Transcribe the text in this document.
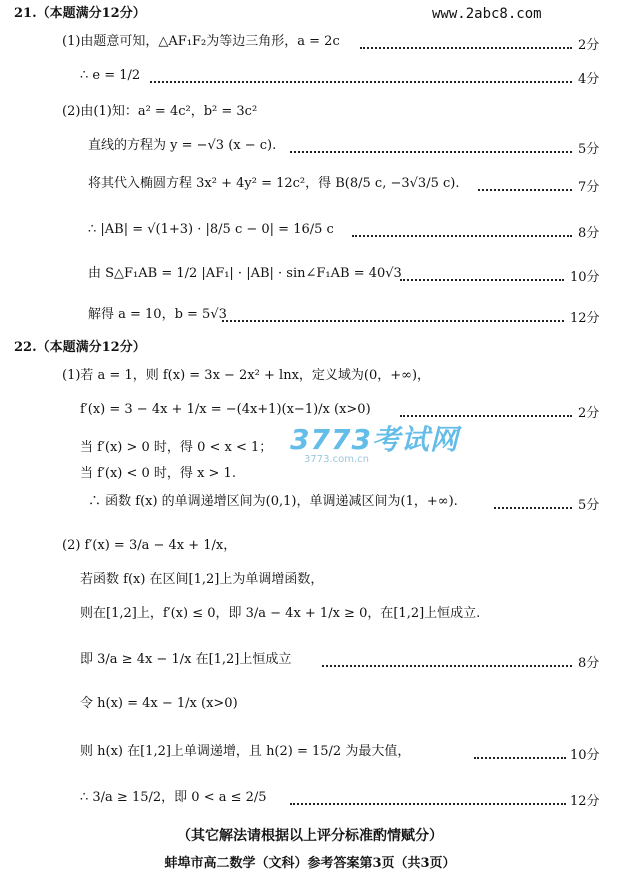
www.2abc8.com
21.（本题满分12分）
(1)由题意可知，△AF₁F₂为等边三角形，a = 2c	2分
∴ e = 1/2	4分
(2)由(1)知：a² = 4c²，b² = 3c²
直线的方程为 y = −√3 (x − c).	5分
将其代入椭圆方程 3x² + 4y² = 12c²，得 B(8/5 c, −3√3/5 c).	7分
∴ |AB| = √(1+3) · |8/5 c − 0| = 16/5 c	8分
由 S△F₁AB = 1/2 |AF₁| · |AB| · sin∠F₁AB = 40√3	10分
解得 a = 10，b = 5√3	12分
22.（本题满分12分）
(1)若 a = 1，则 f(x) = 3x − 2x² + lnx，定义域为(0，+∞)，
f′(x) = 3 − 4x + 1/x = −(4x+1)(x−1)/x (x>0)	2分
3773考试网
3773.com.cn
当 f′(x) > 0 时，得 0 < x < 1；
当 f′(x) < 0 时，得 x > 1.
∴ 函数 f(x) 的单调递增区间为(0,1)，单调递减区间为(1，+∞).	5分
(2) f′(x) = 3/a − 4x + 1/x，
若函数 f(x) 在区间[1,2]上为单调增函数，
则在[1,2]上，f′(x) ≤ 0，即 3/a − 4x + 1/x ≥ 0，在[1,2]上恒成立.
即 3/a ≥ 4x − 1/x 在[1,2]上恒成立	8分
令 h(x) = 4x − 1/x (x>0)
则 h(x) 在[1,2]上单调递增，且 h(2) = 15/2 为最大值，	10分
∴ 3/a ≥ 15/2，即 0 < a ≤ 2/5	12分
（其它解法请根据以上评分标准酌情赋分）
蚌埠市高二数学（文科）参考答案第3页（共3页）
